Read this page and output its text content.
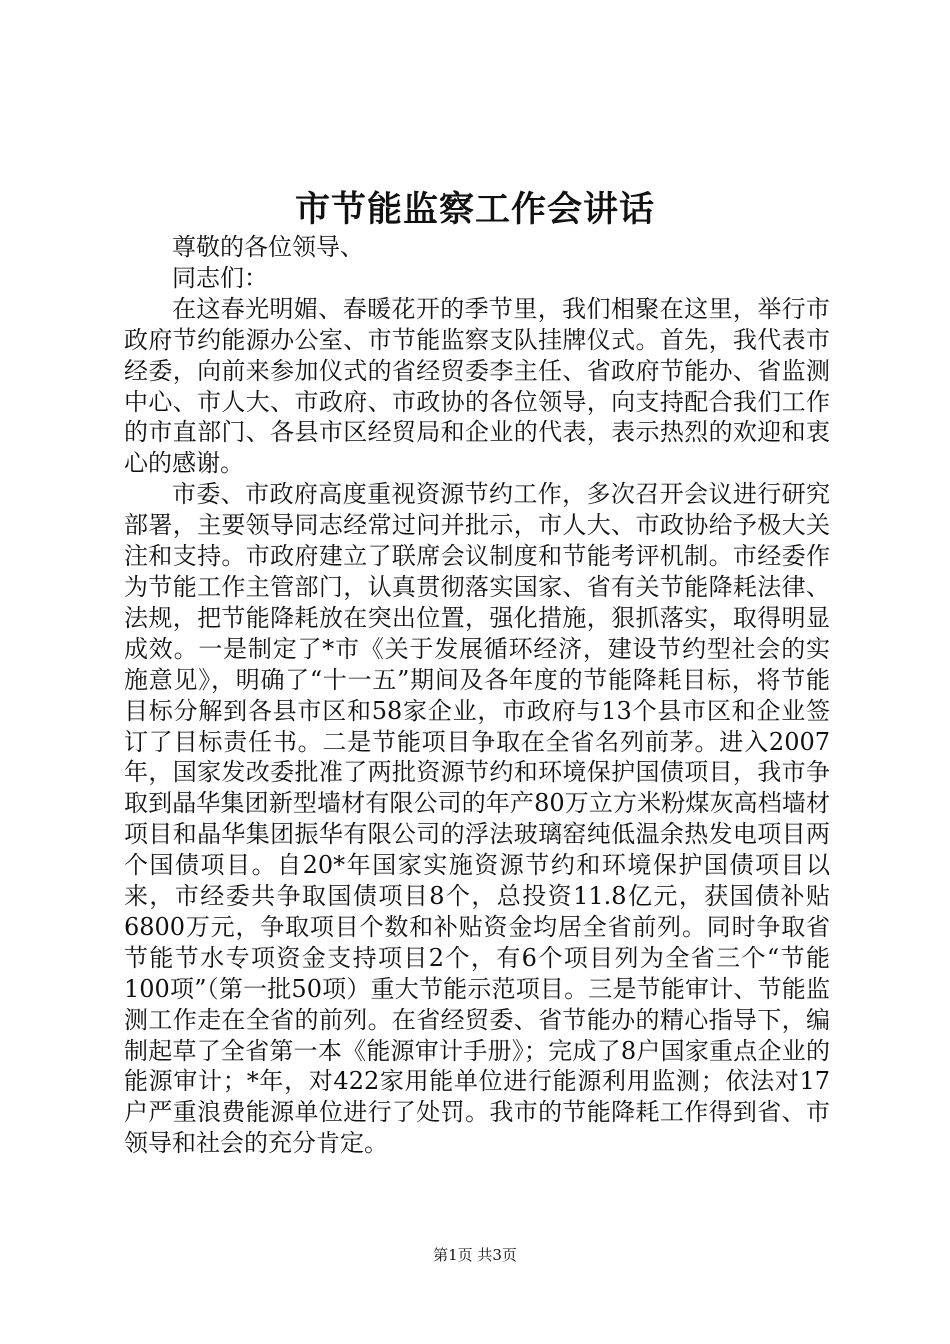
市节能监察工作会讲话

尊敬的各位领导、

同志们：

在这春光明媚、春暖花开的季节里，我们相聚在这里，举行市政府节约能源办公室、市节能监察支队挂牌仪式。首先，我代表市经委，向前来参加仪式的省经贸委李主任、省政府节能办、省监测中心、市人大、市政府、市政协的各位领导，向支持配合我们工作的市直部门、各县市区经贸局和企业的代表，表示热烈的欢迎和衷心的感谢。

市委、市政府高度重视资源节约工作，多次召开会议进行研究部署，主要领导同志经常过问并批示，市人大、市政协给予极大关注和支持。市政府建立了联席会议制度和节能考评机制。市经委作为节能工作主管部门，认真贯彻落实国家、省有关节能降耗法律、法规，把节能降耗放在突出位置，强化措施，狠抓落实，取得明显成效。一是制定了*市《关于发展循环经济，建设节约型社会的实施意见》，明确了“十一五”期间及各年度的节能降耗目标，将节能目标分解到各县市区和58家企业，市政府与13个县市区和企业签订了目标责任书。二是节能项目争取在全省名列前茅。进入2007年，国家发改委批准了两批资源节约和环境保护国债项目，我市争取到晶华集团新型墙材有限公司的年产80万立方米粉煤灰高档墙材项目和晶华集团振华有限公司的浮法玻璃窑纯低温余热发电项目两个国债项目。自20*年国家实施资源节约和环境保护国债项目以来，市经委共争取国债项目8个，总投资11.8亿元，获国债补贴6800万元，争取项目个数和补贴资金均居全省前列。同时争取省节能节水专项资金支持项目2个，有6个项目列为全省三个“节能100项”（第一批50项）重大节能示范项目。三是节能审计、节能监测工作走在全省的前列。在省经贸委、省节能办的精心指导下，编制起草了全省第一本《能源审计手册》；完成了8户国家重点企业的能源审计；*年，对422家用能单位进行能源利用监测；依法对17户严重浪费能源单位进行了处罚。我市的节能降耗工作得到省、市领导和社会的充分肯定。

第1页 共3页
